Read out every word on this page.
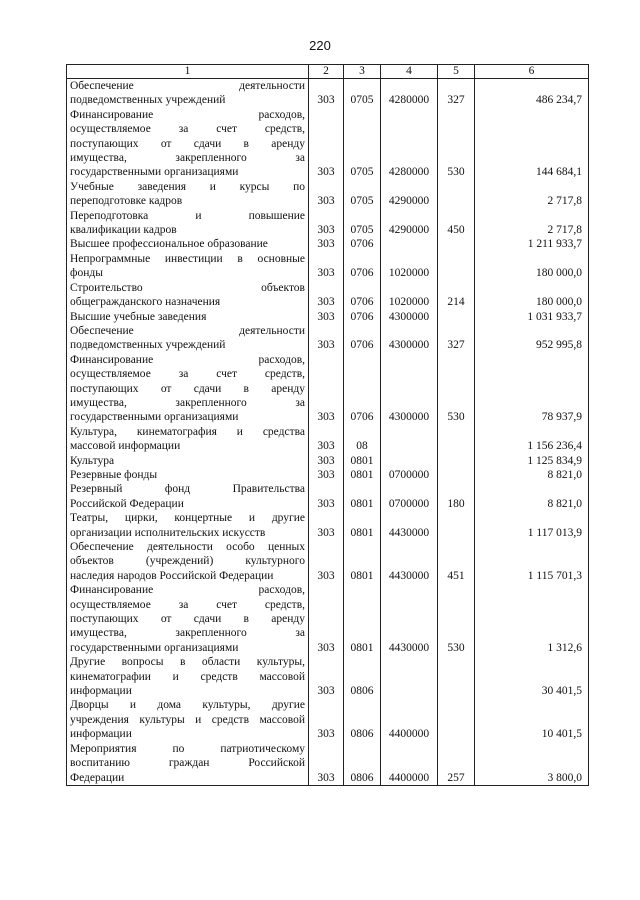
220
1	2	3	4	5	6

Обеспечение деятельности
подведомственных учреждений	303	0705	4280000	327	486 234,7

Финансирование расходов,
осуществляемое за счет средств,
поступающих от сдачи в аренду
имущества, закрепленного за
государственными организациями	303	0705	4280000	530	144 684,1

Учебные заведения и курсы по
переподготовке кадров	303	0705	4290000		2 717,8

Переподготовка и повышение
квалификации кадров	303	0705	4290000	450	2 717,8

Высшее профессиональное образование	303	0706			1 211 933,7

Непрограммные инвестиции в основные
фонды	303	0706	1020000		180 000,0

Строительство объектов
общегражданского назначения	303	0706	1020000	214	180 000,0

Высшие учебные заведения	303	0706	4300000		1 031 933,7

Обеспечение деятельности
подведомственных учреждений	303	0706	4300000	327	952 995,8

Финансирование расходов,
осуществляемое за счет средств,
поступающих от сдачи в аренду
имущества, закрепленного за
государственными организациями	303	0706	4300000	530	78 937,9

Культура, кинематография и средства
массовой информации	303	08			1 156 236,4

Культура	303	0801			1 125 834,9

Резервные фонды	303	0801	0700000		8 821,0

Резервный фонд Правительства
Российской Федерации	303	0801	0700000	180	8 821,0

Театры, цирки, концертные и другие
организации исполнительских искусств	303	0801	4430000		1 117 013,9

Обеспечение деятельности особо ценных
объектов (учреждений) культурного
наследия народов Российской Федерации	303	0801	4430000	451	1 115 701,3

Финансирование расходов,
осуществляемое за счет средств,
поступающих от сдачи в аренду
имущества, закрепленного за
государственными организациями	303	0801	4430000	530	1 312,6

Другие вопросы в области культуры,
кинематографии и средств массовой
информации	303	0806			30 401,5

Дворцы и дома культуры, другие
учреждения культуры и средств массовой
информации	303	0806	4400000		10 401,5

Мероприятия по патриотическому
воспитанию граждан Российской
Федерации	303	0806	4400000	257	3 800,0
